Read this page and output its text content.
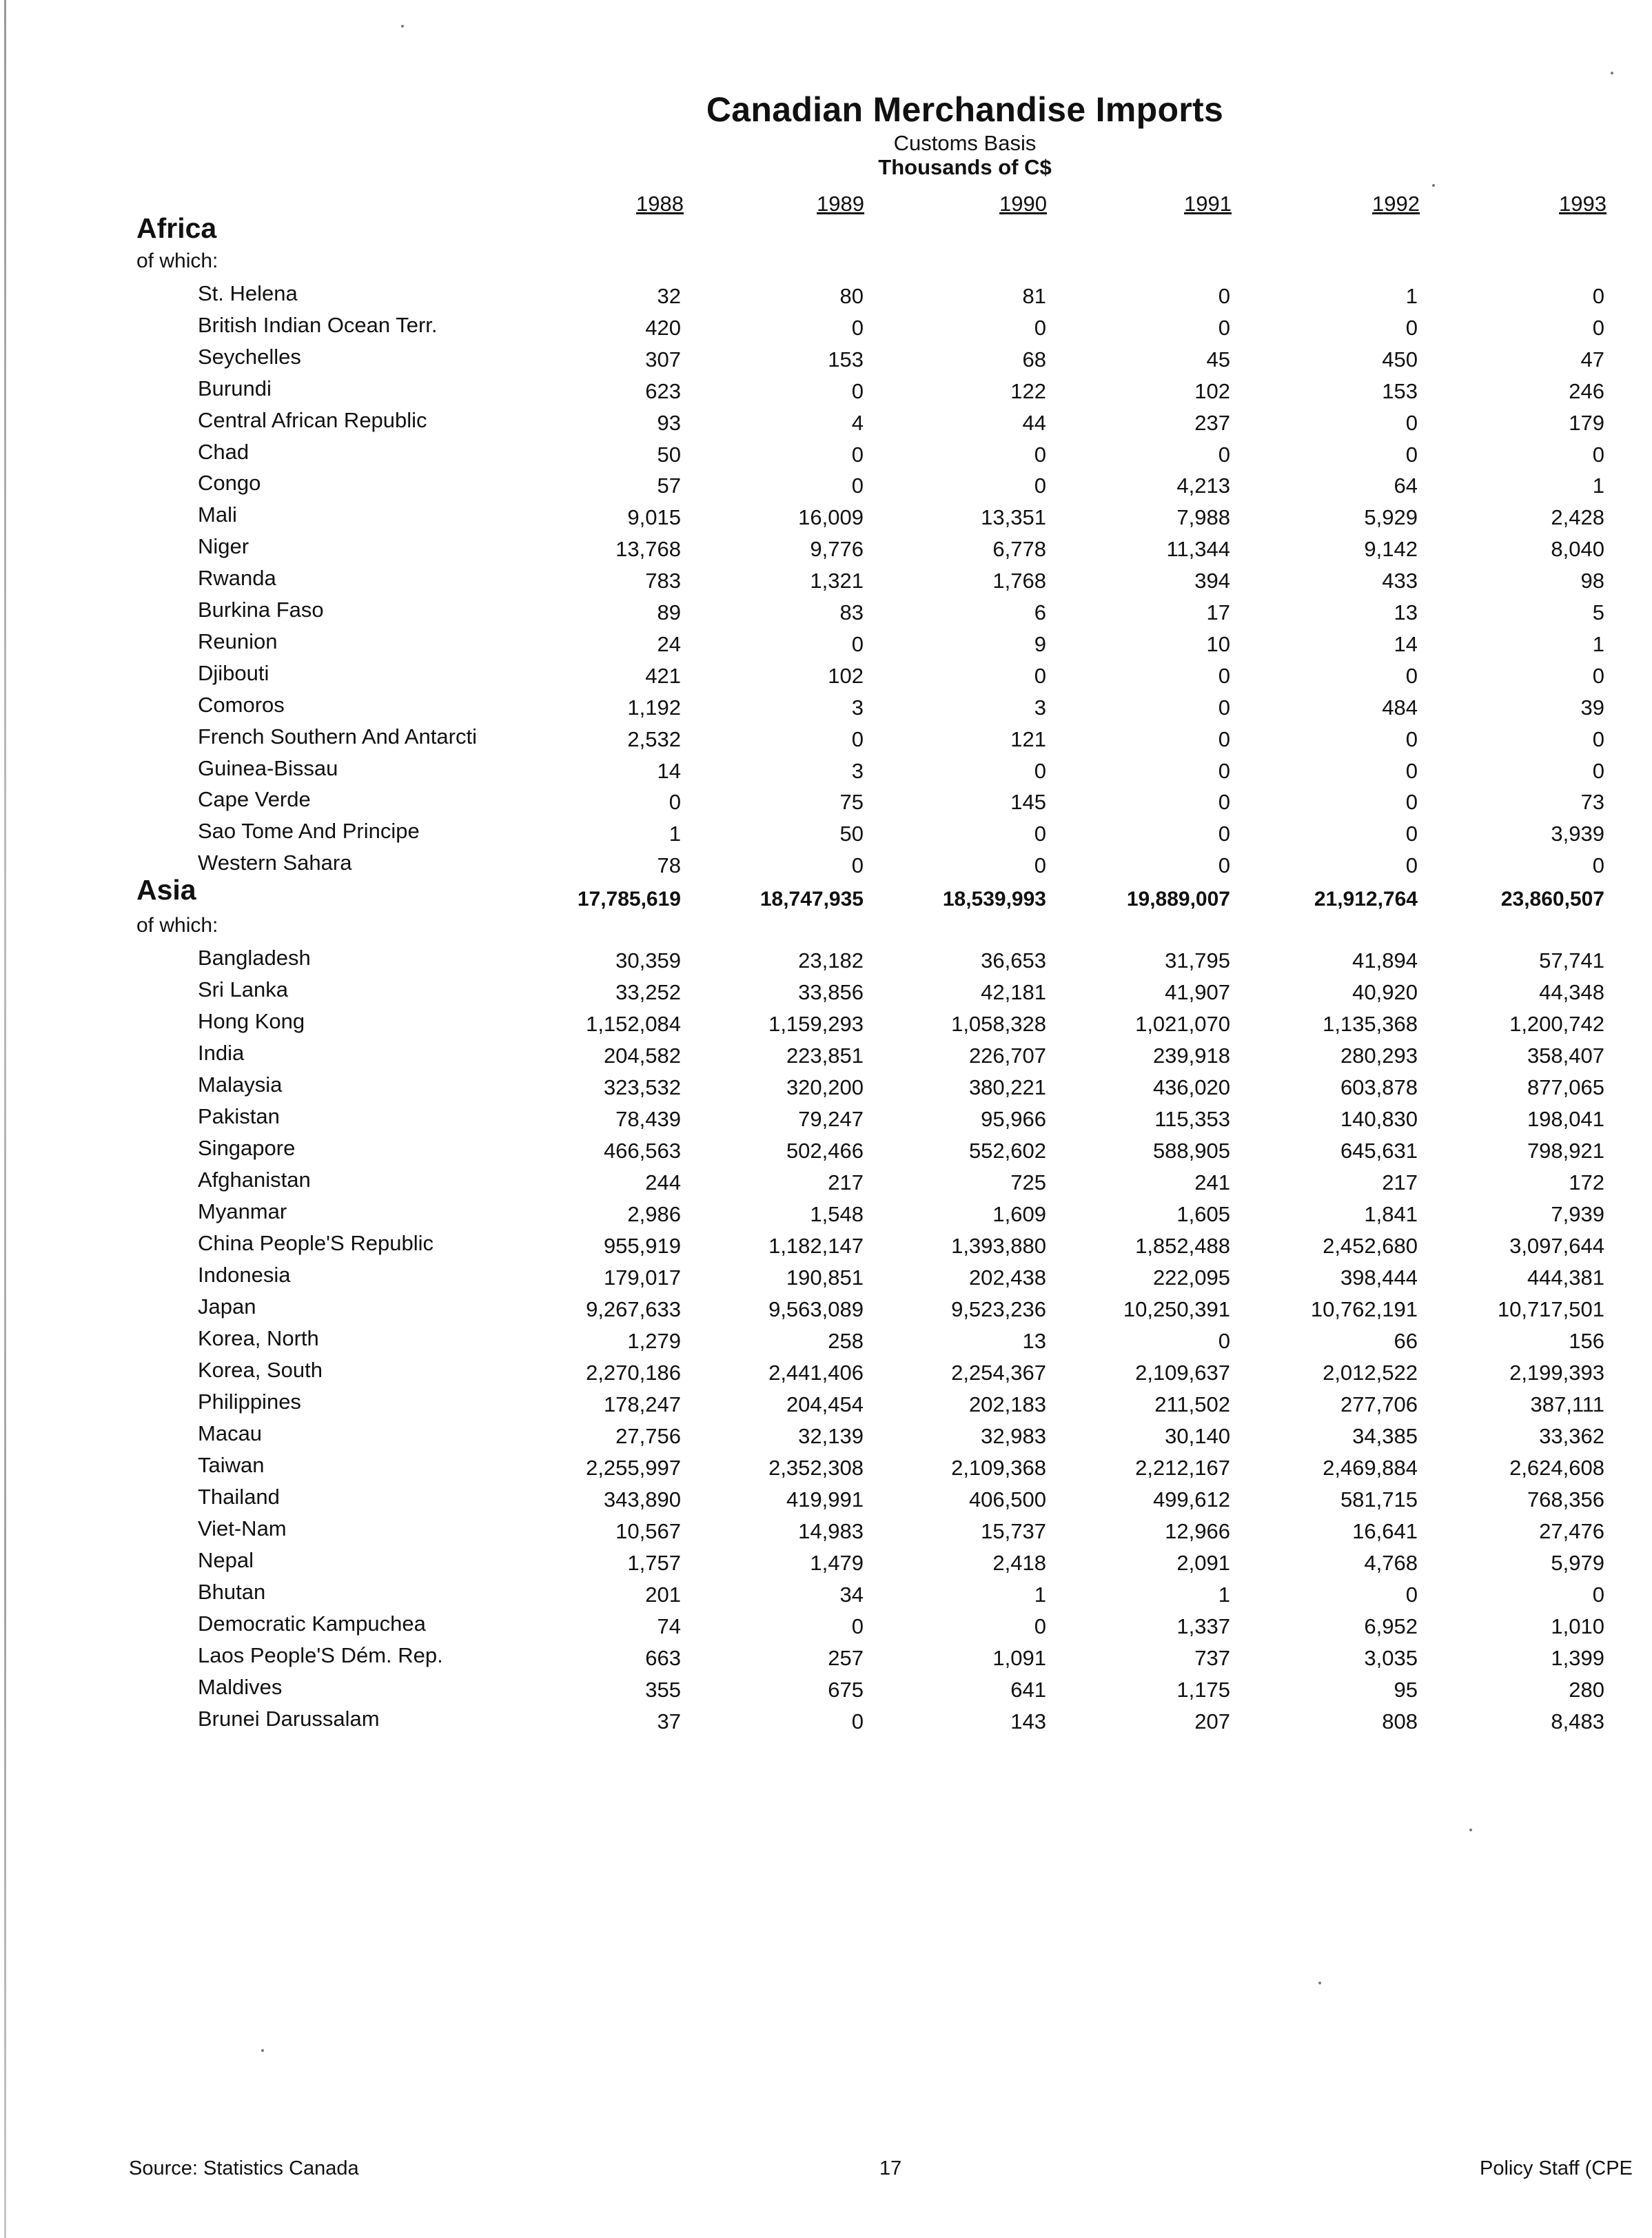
Canadian Merchandise Imports
Customs Basis
Thousands of C$
1988	1989	1990	1991	1992	1993
Africa
of which:
St. Helena	32	80	81	0	1	0
British Indian Ocean Terr.	420	0	0	0	0	0
Seychelles	307	153	68	45	450	47
Burundi	623	0	122	102	153	246
Central African Republic	93	4	44	237	0	179
Chad	50	0	0	0	0	0
Congo	57	0	0	4,213	64	1
Mali	9,015	16,009	13,351	7,988	5,929	2,428
Niger	13,768	9,776	6,778	11,344	9,142	8,040
Rwanda	783	1,321	1,768	394	433	98
Burkina Faso	89	83	6	17	13	5
Reunion	24	0	9	10	14	1
Djibouti	421	102	0	0	0	0
Comoros	1,192	3	3	0	484	39
French Southern And Antarcti	2,532	0	121	0	0	0
Guinea-Bissau	14	3	0	0	0	0
Cape Verde	0	75	145	0	0	73
Sao Tome And Principe	1	50	0	0	0	3,939
Western Sahara	78	0	0	0	0	0
Asia	17,785,619	18,747,935	18,539,993	19,889,007	21,912,764	23,860,507
of which:
Bangladesh	30,359	23,182	36,653	31,795	41,894	57,741
Sri Lanka	33,252	33,856	42,181	41,907	40,920	44,348
Hong Kong	1,152,084	1,159,293	1,058,328	1,021,070	1,135,368	1,200,742
India	204,582	223,851	226,707	239,918	280,293	358,407
Malaysia	323,532	320,200	380,221	436,020	603,878	877,065
Pakistan	78,439	79,247	95,966	115,353	140,830	198,041
Singapore	466,563	502,466	552,602	588,905	645,631	798,921
Afghanistan	244	217	725	241	217	172
Myanmar	2,986	1,548	1,609	1,605	1,841	7,939
China People'S Republic	955,919	1,182,147	1,393,880	1,852,488	2,452,680	3,097,644
Indonesia	179,017	190,851	202,438	222,095	398,444	444,381
Japan	9,267,633	9,563,089	9,523,236	10,250,391	10,762,191	10,717,501
Korea, North	1,279	258	13	0	66	156
Korea, South	2,270,186	2,441,406	2,254,367	2,109,637	2,012,522	2,199,393
Philippines	178,247	204,454	202,183	211,502	277,706	387,111
Macau	27,756	32,139	32,983	30,140	34,385	33,362
Taiwan	2,255,997	2,352,308	2,109,368	2,212,167	2,469,884	2,624,608
Thailand	343,890	419,991	406,500	499,612	581,715	768,356
Viet-Nam	10,567	14,983	15,737	12,966	16,641	27,476
Nepal	1,757	1,479	2,418	2,091	4,768	5,979
Bhutan	201	34	1	1	0	0
Democratic Kampuchea	74	0	0	1,337	6,952	1,010
Laos People'S Dém. Rep.	663	257	1,091	737	3,035	1,399
Maldives	355	675	641	1,175	95	280
Brunei Darussalam	37	0	143	207	808	8,483
Source: Statistics Canada	17	Policy Staff (CPE
